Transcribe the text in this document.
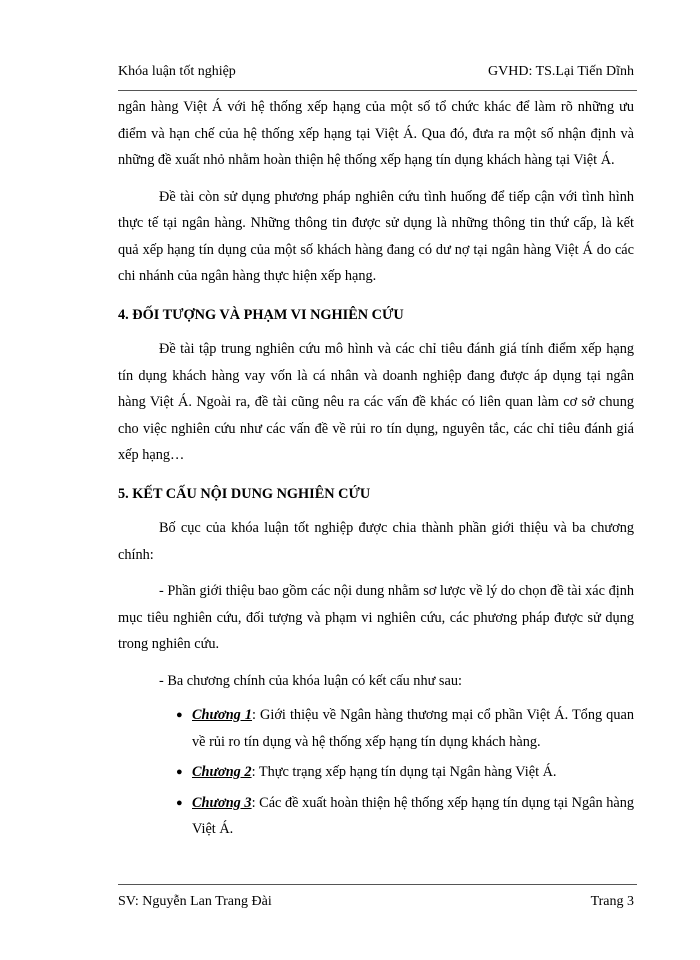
Khóa luận tốt nghiệp	GVHD: TS.Lại Tiến Dĩnh

ngân hàng Việt Á với hệ thống xếp hạng của một số tổ chức khác để làm rõ những ưu điểm và hạn chế của hệ thống xếp hạng tại Việt Á. Qua đó, đưa ra một số nhận định và những đề xuất nhỏ nhằm hoàn thiện hệ thống xếp hạng tín dụng khách hàng tại Việt Á.

Đề tài còn sử dụng phương pháp nghiên cứu tình huống để tiếp cận với tình hình thực tế tại ngân hàng. Những thông tin được sử dụng là những thông tin thứ cấp, là kết quả xếp hạng tín dụng của một số khách hàng đang có dư nợ tại ngân hàng Việt Á do các chi nhánh của ngân hàng thực hiện xếp hạng.

4. ĐỐI TƯỢNG VÀ PHẠM VI NGHIÊN CỨU

Đề tài tập trung nghiên cứu mô hình và các chỉ tiêu đánh giá tính điểm xếp hạng tín dụng khách hàng vay vốn là cá nhân và doanh nghiệp đang được áp dụng tại ngân hàng Việt Á. Ngoài ra, đề tài cũng nêu ra các vấn đề khác có liên quan làm cơ sở chung cho việc nghiên cứu như các vấn đề về rủi ro tín dụng, nguyên tắc, các chỉ tiêu đánh giá xếp hạng…

5. KẾT CẤU NỘI DUNG NGHIÊN CỨU

Bố cục của khóa luận tốt nghiệp được chia thành phần giới thiệu và ba chương chính:

- Phần giới thiệu bao gồm các nội dung nhằm sơ lược về lý do chọn đề tài xác định mục tiêu nghiên cứu, đối tượng và phạm vi nghiên cứu, các phương pháp được sử dụng trong nghiên cứu.

- Ba chương chính của khóa luận có kết cấu như sau:

● Chương 1: Giới thiệu về Ngân hàng thương mại cổ phần Việt Á. Tổng quan về rủi ro tín dụng và hệ thống xếp hạng tín dụng khách hàng.
● Chương 2: Thực trạng xếp hạng tín dụng tại Ngân hàng Việt Á.
● Chương 3: Các đề xuất hoàn thiện hệ thống xếp hạng tín dụng tại Ngân hàng Việt Á.
SV: Nguyễn Lan Trang Đài	Trang 3
